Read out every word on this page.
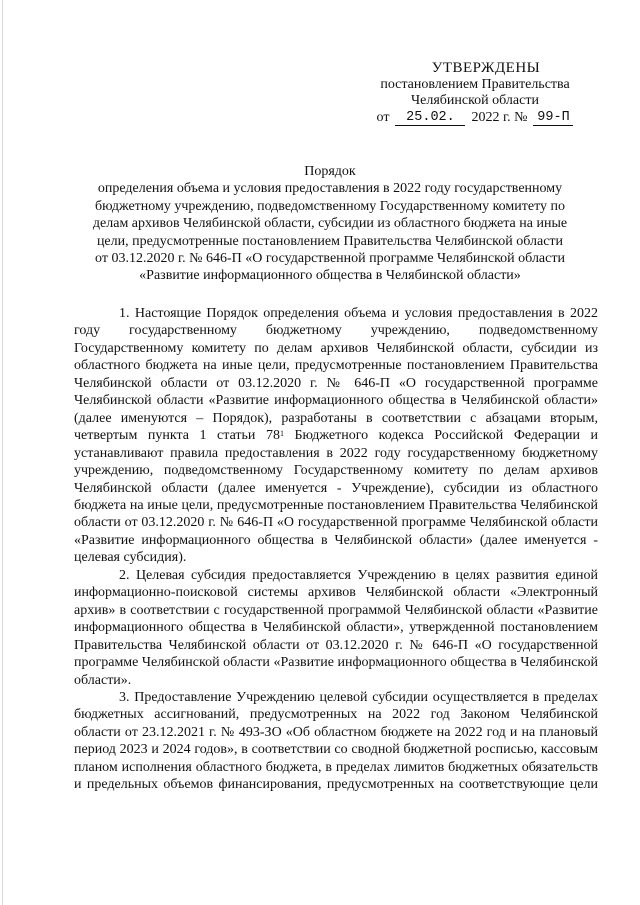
УТВЕРЖДЕНЫ
постановлением Правительства
Челябинской области
от	25.02.	2022 г. № 99-П
Порядок
определения объема и условия предоставления в 2022 году государственному
бюджетному учреждению, подведомственному Государственному комитету по
делам архивов Челябинской области, субсидии из областного бюджета на иные
цели, предусмотренные постановлением Правительства Челябинской области
от 03.12.2020 г. № 646-П «О государственной программе Челябинской области
«Развитие информационного общества в Челябинской области»

1. Настоящие Порядок определения объема и условия предоставления в 2022 году государственному бюджетному учреждению, подведомственному Государственному комитету по делам архивов Челябинской области, субсидии из областного бюджета на иные цели, предусмотренные постановлением Правительства Челябинской области от 03.12.2020 г. № 646-П «О государственной программе Челябинской области «Развитие информационного общества в Челябинской области» (далее именуются – Порядок), разработаны в соответствии с абзацами вторым, четвертым пункта 1 статьи $78^1$ Бюджетного кодекса Российской Федерации и устанавливают правила предоставления в 2022 году государственному бюджетному учреждению, подведомственному Государственному комитету по делам архивов Челябинской области (далее именуется - Учреждение), субсидии из областного бюджета на иные цели, предусмотренные постановлением Правительства Челябинской области от 03.12.2020 г. № 646-П «О государственной программе Челябинской области «Развитие информационного общества в Челябинской области» (далее именуется - целевая субсидия).

2. Целевая субсидия предоставляется Учреждению в целях развития единой информационно-поисковой системы архивов Челябинской области «Электронный архив» в соответствии с государственной программой Челябинской области «Развитие информационного общества в Челябинской области», утвержденной постановлением Правительства Челябинской области от 03.12.2020 г. № 646-П «О государственной программе Челябинской области «Развитие информационного общества в Челябинской области».

3. Предоставление Учреждению целевой субсидии осуществляется в пределах бюджетных ассигнований, предусмотренных на 2022 год Законом Челябинской области от 23.12.2021 г. № 493-ЗО «Об областном бюджете на 2022 год и на плановый период 2023 и 2024 годов», в соответствии со сводной бюджетной росписью, кассовым планом исполнения областного бюджета, в пределах лимитов бюджетных обязательств и предельных объемов финансирования, предусмотренных на соответствующие цели
